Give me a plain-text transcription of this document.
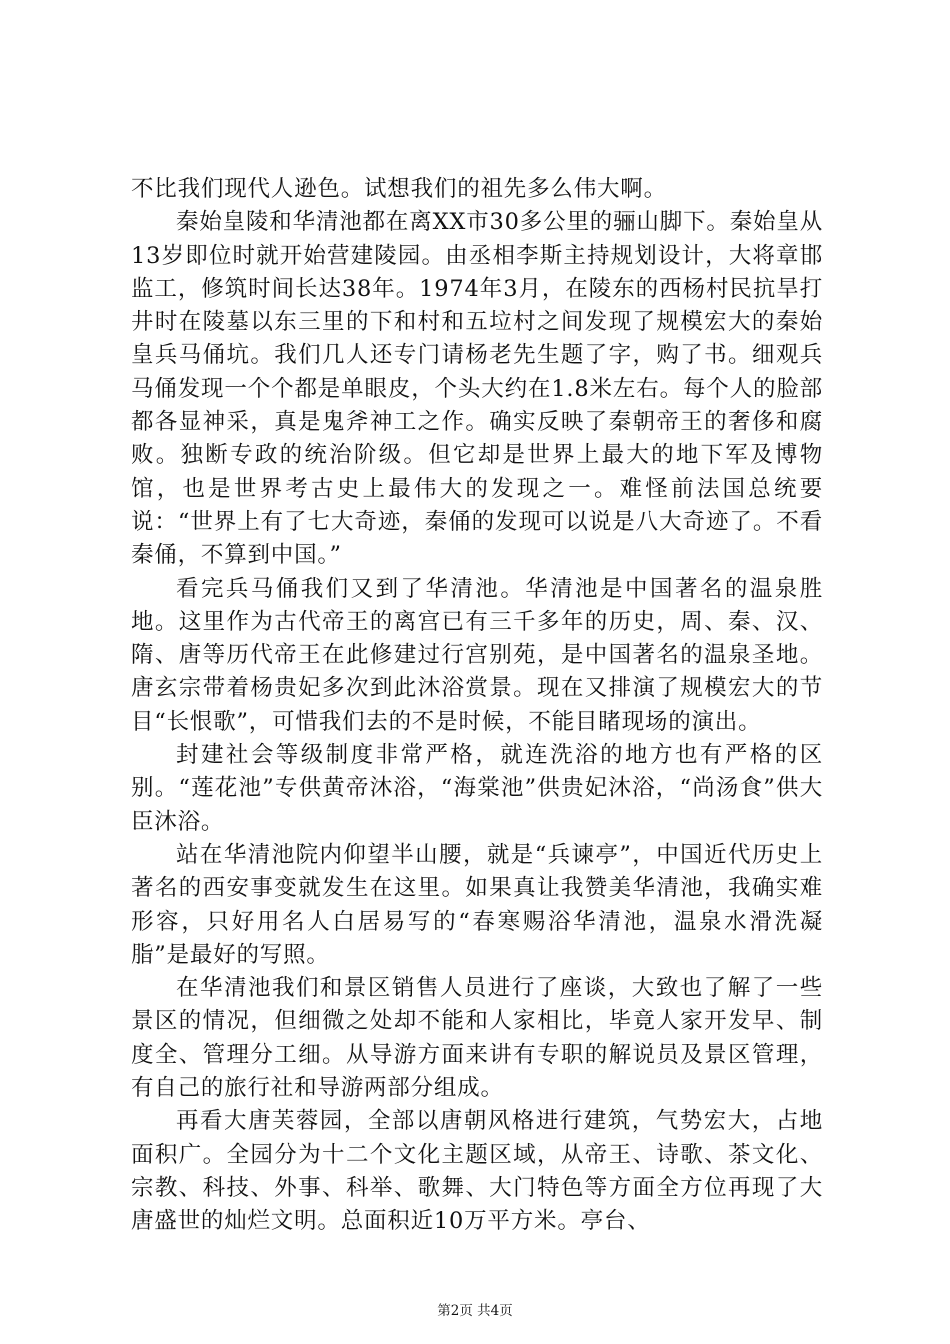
不比我们现代人逊色。试想我们的祖先多么伟大啊。

秦始皇陵和华清池都在离XX市30多公里的骊山脚下。秦始皇从13岁即位时就开始营建陵园。由丞相李斯主持规划设计，大将章邯监工，修筑时间长达38年。1974年3月，在陵东的西杨村民抗旱打井时在陵墓以东三里的下和村和五垃村之间发现了规模宏大的秦始皇兵马俑坑。我们几人还专门请杨老先生题了字，购了书。细观兵马俑发现一个个都是单眼皮，个头大约在1.8米左右。每个人的脸部都各显神采，真是鬼斧神工之作。确实反映了秦朝帝王的奢侈和腐败。独断专政的统治阶级。但它却是世界上最大的地下军及博物馆，也是世界考古史上最伟大的发现之一。难怪前法国总统要说：“世界上有了七大奇迹，秦俑的发现可以说是八大奇迹了。不看秦俑，不算到中国。”

看完兵马俑我们又到了华清池。华清池是中国著名的温泉胜地。这里作为古代帝王的离宫已有三千多年的历史，周、秦、汉、隋、唐等历代帝王在此修建过行宫别苑，是中国著名的温泉圣地。唐玄宗带着杨贵妃多次到此沐浴赏景。现在又排演了规模宏大的节目“长恨歌”，可惜我们去的不是时候，不能目睹现场的演出。

封建社会等级制度非常严格，就连洗浴的地方也有严格的区别。“莲花池”专供黄帝沐浴，“海棠池”供贵妃沐浴，“尚汤食”供大臣沐浴。

站在华清池院内仰望半山腰，就是“兵谏亭”，中国近代历史上著名的西安事变就发生在这里。如果真让我赞美华清池，我确实难形容，只好用名人白居易写的“春寒赐浴华清池，温泉水滑洗凝脂”是最好的写照。

在华清池我们和景区销售人员进行了座谈，大致也了解了一些景区的情况，但细微之处却不能和人家相比，毕竟人家开发早、制度全、管理分工细。从导游方面来讲有专职的解说员及景区管理，有自己的旅行社和导游两部分组成。

再看大唐芙蓉园，全部以唐朝风格进行建筑，气势宏大，占地面积广。全园分为十二个文化主题区域，从帝王、诗歌、茶文化、宗教、科技、外事、科举、歌舞、大门特色等方面全方位再现了大唐盛世的灿烂文明。总面积近10万平方米。亭台、

第2页 共4页
